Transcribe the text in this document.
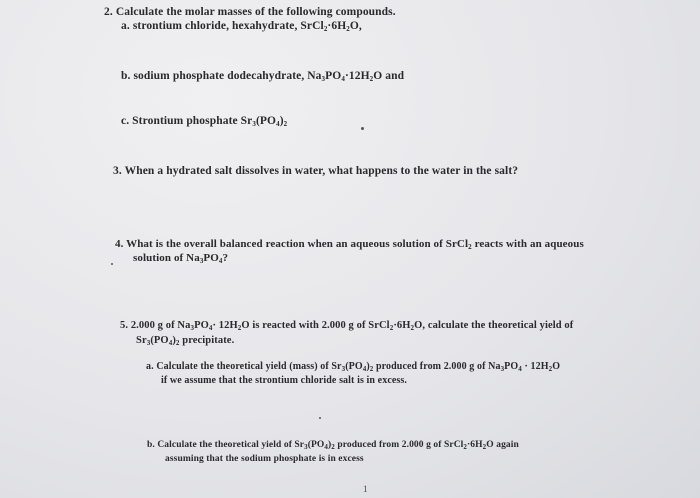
2. Calculate the molar masses of the following compounds.
a. strontium chloride, hexahydrate, $SrCl_2\cdot 6H_2O$,
b. sodium phosphate dodecahydrate, $Na_3PO_4\cdot 12H_2O$ and
c. Strontium phosphate $Sr_3(PO_4)_2$
3. When a hydrated salt dissolves in water, what happens to the water in the salt?
4. What is the overall balanced reaction when an aqueous solution of SrCl$_2$ reacts with an aqueous
solution of $Na_3PO_4$?
5. 2.000 g of $Na_3PO_4\cdot 12H_2O$ is reacted with 2.000 g of $SrCl_2\cdot 6H_2O$, calculate the theoretical yield of
$Sr_3(PO_4)_2$ precipitate.
a. Calculate the theoretical yield (mass) of $Sr_3(PO_4)_2$ produced from 2.000 g of $Na_3PO_4 \cdot 12H_2O$
if we assume that the strontium chloride salt is in excess.
b. Calculate the theoretical yield of $Sr_3(PO_4)_2$ produced from 2.000 g of $SrCl_2\cdot 6H_2O$ again
assuming that the sodium phosphate is in excess
1
